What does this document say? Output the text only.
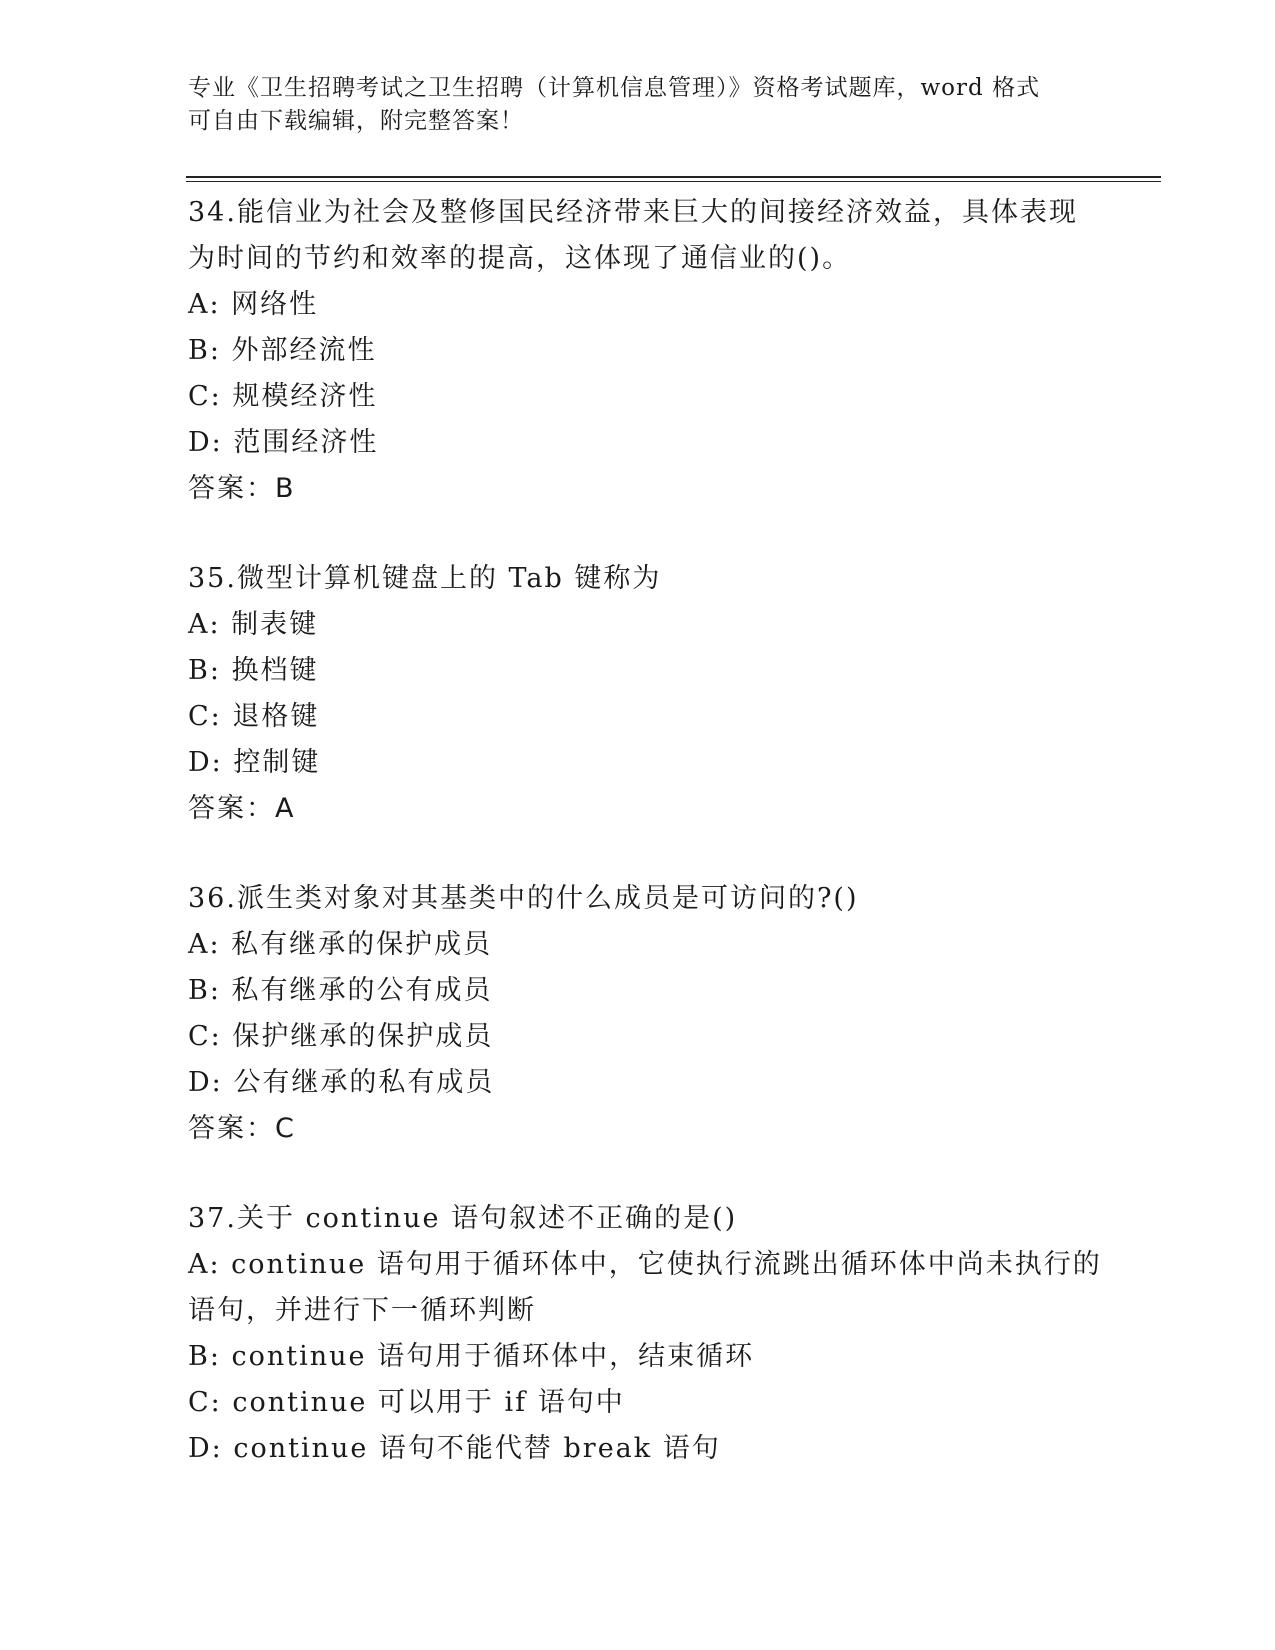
专业《卫生招聘考试之卫生招聘（计算机信息管理）》资格考试题库，word 格式
可自由下载编辑，附完整答案！
34.能信业为社会及整修国民经济带来巨大的间接经济效益，具体表现
为时间的节约和效率的提高，这体现了通信业的()。
A: 网络性
B: 外部经流性
C: 规模经济性
D: 范围经济性
答案：B
35.微型计算机键盘上的 Tab 键称为
A: 制表键
B: 换档键
C: 退格键
D: 控制键
答案：A
36.派生类对象对其基类中的什么成员是可访问的?()
A: 私有继承的保护成员
B: 私有继承的公有成员
C: 保护继承的保护成员
D: 公有继承的私有成员
答案：C
37.关于 continue 语句叙述不正确的是()
A: continue 语句用于循环体中，它使执行流跳出循环体中尚未执行的
语句，并进行下一循环判断
B: continue 语句用于循环体中，结束循环
C: continue 可以用于 if 语句中
D: continue 语句不能代替 break 语句
